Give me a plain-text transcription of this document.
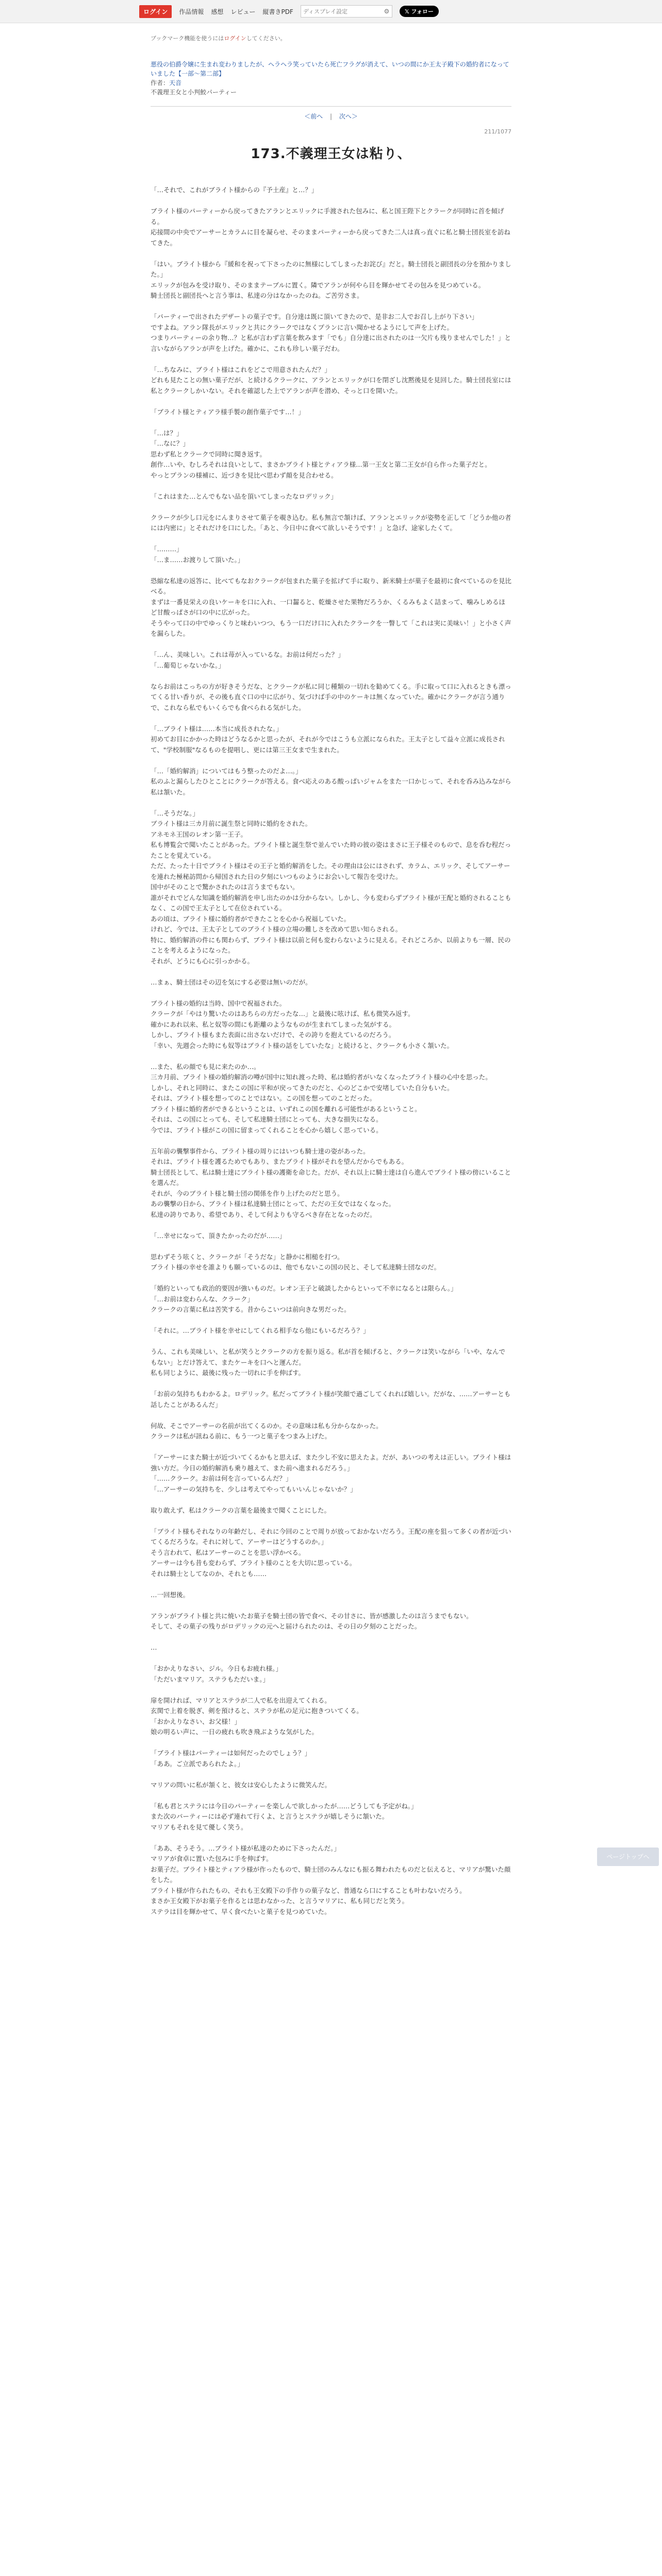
ログイン	作品情報 感想 レビュー 縦書きPDF
ディスプレイ設定	⚙	𝕏 フォロー
ブックマーク機能を使うにはログインしてください。
悪役の伯爵令嬢に生まれ変わりましたが、ヘラヘラ笑っていたら死亡フラグが消えて、いつの間にか王太子殿下の婚約者になっていました【一部～第二部】
作者：天音
不義理王女と小判鮫パーティー
＜前へ | 次へ＞
211/1077
173.不義理王女は粘り、

「…それで、これがブライト様からの『予土産』と…？」

ブライト様のパーティーから戻ってきたアランとエリックに手渡された包みに、私と国王陛下とクラークが同時に首を傾げる。
応接間の中央でアーサーとカラムに目を凝らせ、そのままパーティーから戻ってきた二人は真っ直ぐに私と騎士団長室を訪ねてきた。

「はい。ブライト様から『緩和を祝って下さったのに無様にしてしまったお詫び』だと。騎士団長と副団長の分を預かりました。」
エリックが包みを受け取り、そのままテーブルに置く。隣でアランが何やら目を輝かせてその包みを見つめている。
騎士団長と副団長へと言う事は、私達の分はなかったのね。ご苦労さま。

「パーティーで出されたデザートの菓子です。自分達は既に頂いてきたので、是非お二人でお召し上がり下さい」
ですよね。アラン隊長がエリックと共にクラークではなくプランに言い聞かせるようにして声を上げた。
つまりパーティーの余り物…？と私が言わず言葉を飲みます「でも」自分達に出されたのは一欠片も残りませんでした！」と言いながらアランが声を上げた。確かに、これも珍しい菓子だわ。

「…ちなみに、ブライト様はこれをどこで用意されたんだ？」
どれも見たことの無い菓子だが、と続けるクラークに、アランとエリックが口を閉ざし沈黙後見を見回した。騎士団長室には私とクラークしかいない。それを確認した上でアランが声を潜め、そっと口を開いた。

「ブライト様とティアラ様手製の創作菓子です…！」

「…は？」
「…なに？」
思わず私とクラークで同時に聞き返す。
創作…いや、むしろそれは良いとして、まさかブライト様とティアラ様…第一王女と第二王女が自ら作った菓子だと。
やっとプランの様補に、近づきを見比べ思わず顔を見合わせる。

「これはまた…とんでもない品を頂いてしまったなロデリック」

クラークが少し口元をにんまりさせて菓子を覗き込む。私も無言で頷けば、アランとエリックが姿勢を正して「どうか他の者には内密に」とそれだけを口にした。「あと、今日中に食べて欲しいそうです！」と急げ、途家したくて。

「………」
「…ま……お渡りして頂いた。」

恐縮な私達の返答に、比べてもなおクラークが包まれた菓子を拡げて手に取り、新米騎士が菓子を最初に食べているのを見比べる。
まずは一番見栄えの良いケーキを口に入れ、一口齧ると、乾燥させた果物だろうか、くるみもよく詰まって、噛みしめるほど甘酸っぱさが口の中に広がった。
そうやって口の中でゆっくりと味わいつつ、もう一口だけ口に入れたクラークを一瞥して「これは実に美味い！」と小さく声を漏らした。

「…ん、美味しい。これは苺が入っているな。お前は何だった？」
「…葡萄じゃないかな。」

ならお前はこっちの方が好きそうだな、とクラークが私に同じ種類の一切れを勧めてくる。手に取って口に入れるときも漂ってくる甘い香りが、その後も直ぐ口の中に広がり、気づけば手の中のケーキは無くなっていた。確かにクラークが言う通りで、これなら私でもいくらでも食べられる気がした。

「…ブライト様は……本当に成長されたな。」
初めてお目にかかった時はどうなるかと思ったが、それが今ではこうも立派になられた。王太子として益々立派に成長されて、"学校制服"なるものを提唱し、更には第三王女まで生まれた。

「…「婚約解消」についてはもう整ったのだよ…。」
私のふと漏らしたひとことにクラークが答える。食べ応えのある酸っぱいジャムをまた一口かじって、それを呑み込みながら私は頷いた。

「…そうだな。」
ブライト様は三カ月前に誕生祭と同時に婚約をされた。
アネモネ王国のレオン第一王子。
私も博覧会で聞いたことがあった。ブライト様と誕生祭で並んでいた時の彼の姿はまさに王子様そのもので、息を呑む程だったことを覚えている。
ただ、たった十日でブライト様はその王子と婚約解消をした。その理由は公にはされず、カラム、エリック、そしてアーサーを連れた極秘訪問から帰国された日の夕刻にいつものようにお会いして報告を受けた。
国中がそのことで驚かされたのは言うまでもない。
誰がそれでどんな知識を婚約解消を申し出たのかは分からない。しかし、今も変わらずブライト様が王配と婚約されることもなく、この国で王太子として在位されている。
あの頃は、ブライト様に婚約者ができたことを心から祝福していた。
けれど、今では、王太子としてのブライト様の立場の難しさを改めて思い知らされる。
特に、婚約解消の件にも関わらず、ブライト様は以前と何も変わらないように見える。それどころか、以前よりも一層、民のことを考えるようになった。
それが、どうにも心に引っかかる。

…まぁ、騎士団はその辺を気にする必要は無いのだが。

ブライト様の婚約は当時、国中で祝福された。
クラークが「やはり驚いたのはあちらの方だったな…」と最後に呟けば、私も微笑み返す。
確かにあれ以来、私と奴等の間にも距離のようなものが生まれてしまった気がする。
しかし、ブライト様もまた表面に出さないだけで、その誇りを抱えているのだろう。
「幸い、先週会った時にも奴等はブライト様の話をしていたな」と続けると、クラークも小さく頷いた。

…また、私の顔でも見に来たのか…。
三カ月前、ブライト様の婚約解消の噂が国中に知れ渡った時、私は婚約者がいなくなったブライト様の心中を思った。
しかし、それと同時に、またこの国に平和が戻ってきたのだと、心のどこかで安堵していた自分もいた。
それは、ブライト様を想ってのことではない。この国を想ってのことだった。
ブライト様に婚約者ができるということは、いずれこの国を離れる可能性があるということ。
それは、この国にとっても、そして私達騎士団にとっても、大きな損失になる。
今では、ブライト様がこの国に留まってくれることを心から嬉しく思っている。

五年前の襲撃事件から、ブライト様の周りにはいつも騎士達の姿があった。
それは、ブライト様を護るためでもあり、またブライト様がそれを望んだからでもある。
騎士団長として、私は騎士達にブライト様の護衛を命じた。だが、それ以上に騎士達は自ら進んでブライト様の傍にいることを選んだ。
それが、今のブライト様と騎士団の関係を作り上げたのだと思う。
あの襲撃の日から、ブライト様は私達騎士団にとって、ただの王女ではなくなった。
私達の誇りであり、希望であり、そして何よりも守るべき存在となったのだ。

「…幸せになって、頂きたかったのだが……」

思わずそう呟くと、クラークが「そうだな」と静かに相槌を打つ。
ブライト様の幸せを誰よりも願っているのは、他でもないこの国の民と、そして私達騎士団なのだ。

「婚約といっても政治的要因が強いものだ。レオン王子と破談したからといって不幸になるとは限らん。」
「…お前は変わらんな、クラーク」
クラークの言葉に私は苦笑する。昔からこいつは前向きな男だった。

「それに。…ブライト様を幸せにしてくれる相手なら他にもいるだろう？」

うん、これも美味しい、と私が笑うとクラークの方を振り返る。私が首を傾げると、クラークは笑いながら「いや、なんでもない」とだけ答えて、またケーキを口へと運んだ。
私も同じように、最後に残った一切れに手を伸ばす。

「お前の気持ちもわかるよ。ロデリック。私だってブライト様が笑顔で過ごしてくれれば嬉しい。だがな、……アーサーとも話したことがあるんだ」

何故、そこでアーサーの名前が出てくるのか。その意味は私も分からなかった。
クラークは私が訊ねる前に、もう一つと菓子をつまみ上げた。

「アーサーにまた騎士が近づいてくるかもと思えば、また少し不安に思えたよ。だが、あいつの考えは正しい。ブライト様は強い方だ。今日の婚約解消も乗り越えて、また前へ進まれるだろう。」
「……クラーク。お前は何を言っているんだ？」
「…アーサーの気持ちを、少しは考えてやってもいいんじゃないか？」

取り敢えず、私はクラークの言葉を最後まで聞くことにした。

「ブライト様もそれなりの年齢だし、それに今回のことで周りが放っておかないだろう。王配の座を狙って多くの者が近づいてくるだろうな。それに対して、アーサーはどうするのか。」
そう言われて、私はアーサーのことを思い浮かべる。
アーサーは今も昔も変わらず、ブライト様のことを大切に思っている。
それは騎士としてなのか、それとも……

…一回想後。

アランがブライト様と共に焼いたお菓子を騎士団の皆で食べ、その甘さに、皆が感激したのは言うまでもない。
そして、その菓子の残りがロデリックの元へと届けられたのは、その日の夕刻のことだった。

…

「おかえりなさい、ジル。今日もお疲れ様。」
「ただいまマリア。ステラもただいま。」

扉を開ければ、マリアとステラが二人で私を出迎えてくれる。
玄関で上着を脱ぎ、剣を預けると、ステラが私の足元に抱きついてくる。
「おかえりなさい、お父様！」
娘の明るい声に、一日の疲れも吹き飛ぶような気がした。

「ブライト様はパーティーは如何だったのでしょう？」
「ああ。ご立派であられたよ。」

マリアの問いに私が頷くと、彼女は安心したように微笑んだ。

「私も君とステラには今日のパーティーを楽しんで欲しかったが……どうしても予定がね。」
また次のパーティーには必ず連れて行くよ、と言うとステラが嬉しそうに頷いた。
マリアもそれを見て優しく笑う。

「ああ、そうそう。…ブライト様が私達のために下さったんだ。」
マリアが食卓に置いた包みに手を伸ばす。
お菓子だ。ブライト様とティアラ様が作ったもので、騎士団のみんなにも振る舞われたものだと伝えると、マリアが驚いた顔をした。
ブライト様が作られたもの、それも王女殿下の手作りの菓子など、普通なら口にすることも叶わないだろう。
まさか王女殿下がお菓子を作るとは思わなかった、と言うマリアに、私も同じだと笑う。
ステラは目を輝かせて、早く食べたいと菓子を見つめていた。

ページトップへ
